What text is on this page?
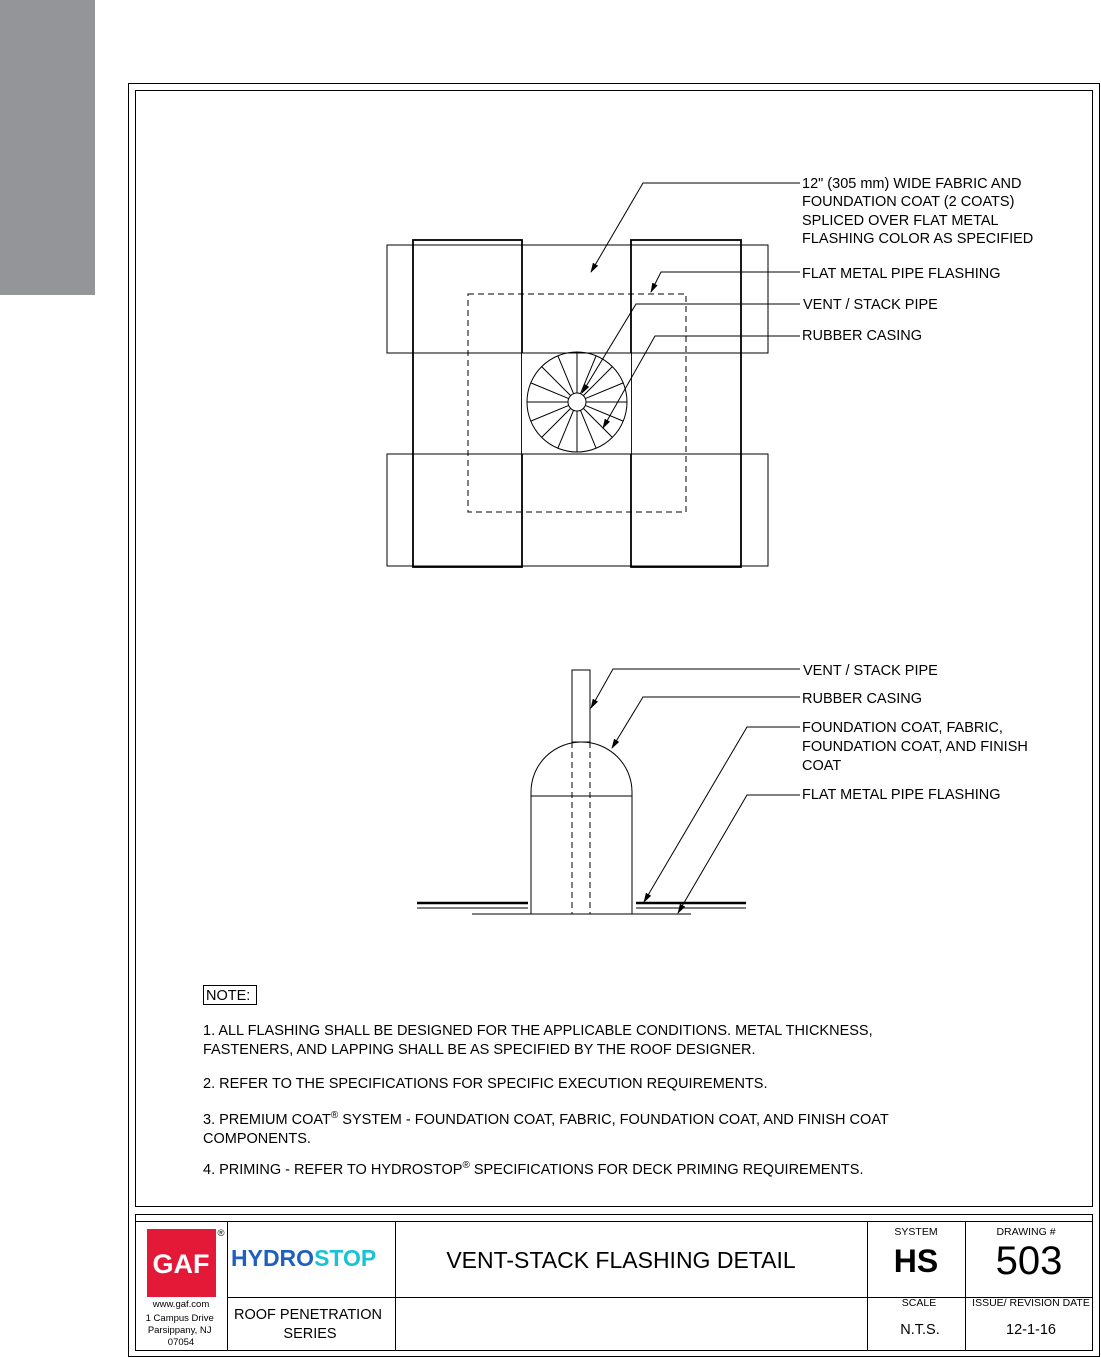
12" (305 mm) WIDE FABRIC AND FOUNDATION COAT (2 COATS) SPLICED OVER FLAT METAL FLASHING COLOR AS SPECIFIED
FLAT METAL PIPE FLASHING
VENT / STACK PIPE
RUBBER CASING
VENT / STACK PIPE
RUBBER CASING
FOUNDATION COAT, FABRIC, FOUNDATION COAT, AND FINISH COAT
FLAT METAL PIPE FLASHING
NOTE:
1. ALL FLASHING SHALL BE DESIGNED FOR THE APPLICABLE CONDITIONS. METAL THICKNESS, FASTENERS, AND LAPPING SHALL BE AS SPECIFIED BY THE ROOF DESIGNER.
2. REFER TO THE SPECIFICATIONS FOR SPECIFIC EXECUTION REQUIREMENTS.
3. PREMIUM COAT® SYSTEM - FOUNDATION COAT, FABRIC, FOUNDATION COAT, AND FINISH COAT COMPONENTS.
4. PRIMING - REFER TO HYDROSTOP® SPECIFICATIONS FOR DECK PRIMING REQUIREMENTS.
GAF
®
www.gaf.com
1 Campus Drive Parsippany, NJ 07054
HYDROSTOP
ROOF PENETRATION SERIES
VENT-STACK FLASHING DETAIL
SYSTEM
HS
DRAWING #
503
SCALE
N.T.S.
ISSUE/ REVISION DATE
12-1-16
